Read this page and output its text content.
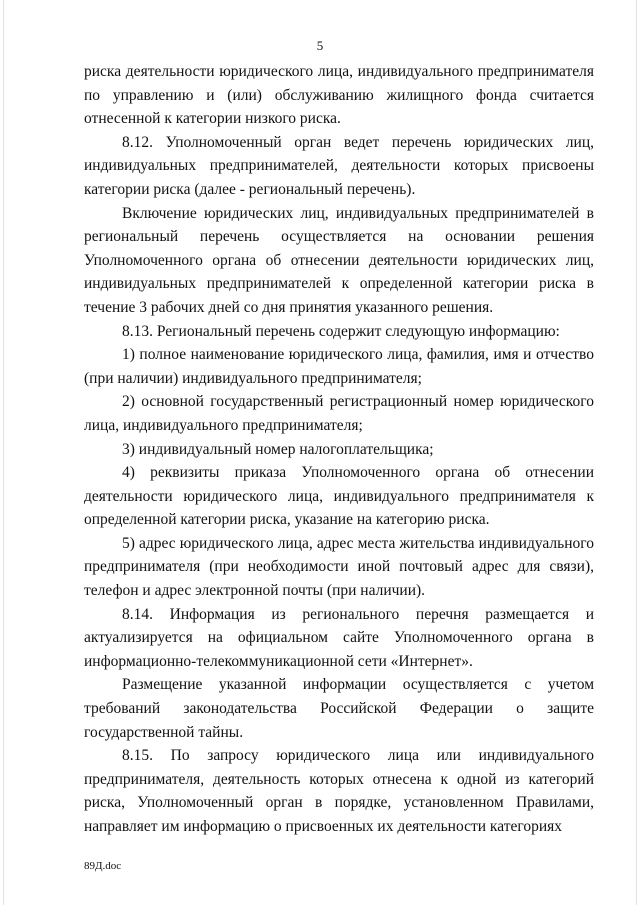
5

риска деятельности юридического лица, индивидуального предпринимателя по управлению и (или) обслуживанию жилищного фонда считается отнесенной к категории низкого риска.

8.12. Уполномоченный орган ведет перечень юридических лиц, индивидуальных предпринимателей, деятельности которых присвоены категории риска (далее - региональный перечень).

Включение юридических лиц, индивидуальных предпринимателей в региональный перечень осуществляется на основании решения Уполномоченного органа об отнесении деятельности юридических лиц, индивидуальных предпринимателей к определенной категории риска в течение 3 рабочих дней со дня принятия указанного решения.

8.13. Региональный перечень содержит следующую информацию:

1) полное наименование юридического лица, фамилия, имя и отчество (при наличии) индивидуального предпринимателя;

2) основной государственный регистрационный номер юридического лица, индивидуального предпринимателя;

3) индивидуальный номер налогоплательщика;

4) реквизиты приказа Уполномоченного органа об отнесении деятельности юридического лица, индивидуального предпринимателя к определенной категории риска, указание на категорию риска.

5) адрес юридического лица, адрес места жительства индивидуального предпринимателя (при необходимости иной почтовый адрес для связи), телефон и адрес электронной почты (при наличии).

8.14. Информация из регионального перечня размещается и актуализируется на официальном сайте Уполномоченного органа в информационно-телекоммуникационной сети «Интернет».

Размещение указанной информации осуществляется с учетом требований законодательства Российской Федерации о защите государственной тайны.

8.15. По запросу юридического лица или индивидуального предпринимателя, деятельность которых отнесена к одной из категорий риска, Уполномоченный орган в порядке, установленном Правилами, направляет им информацию о присвоенных их деятельности категориях

89Д.doc
